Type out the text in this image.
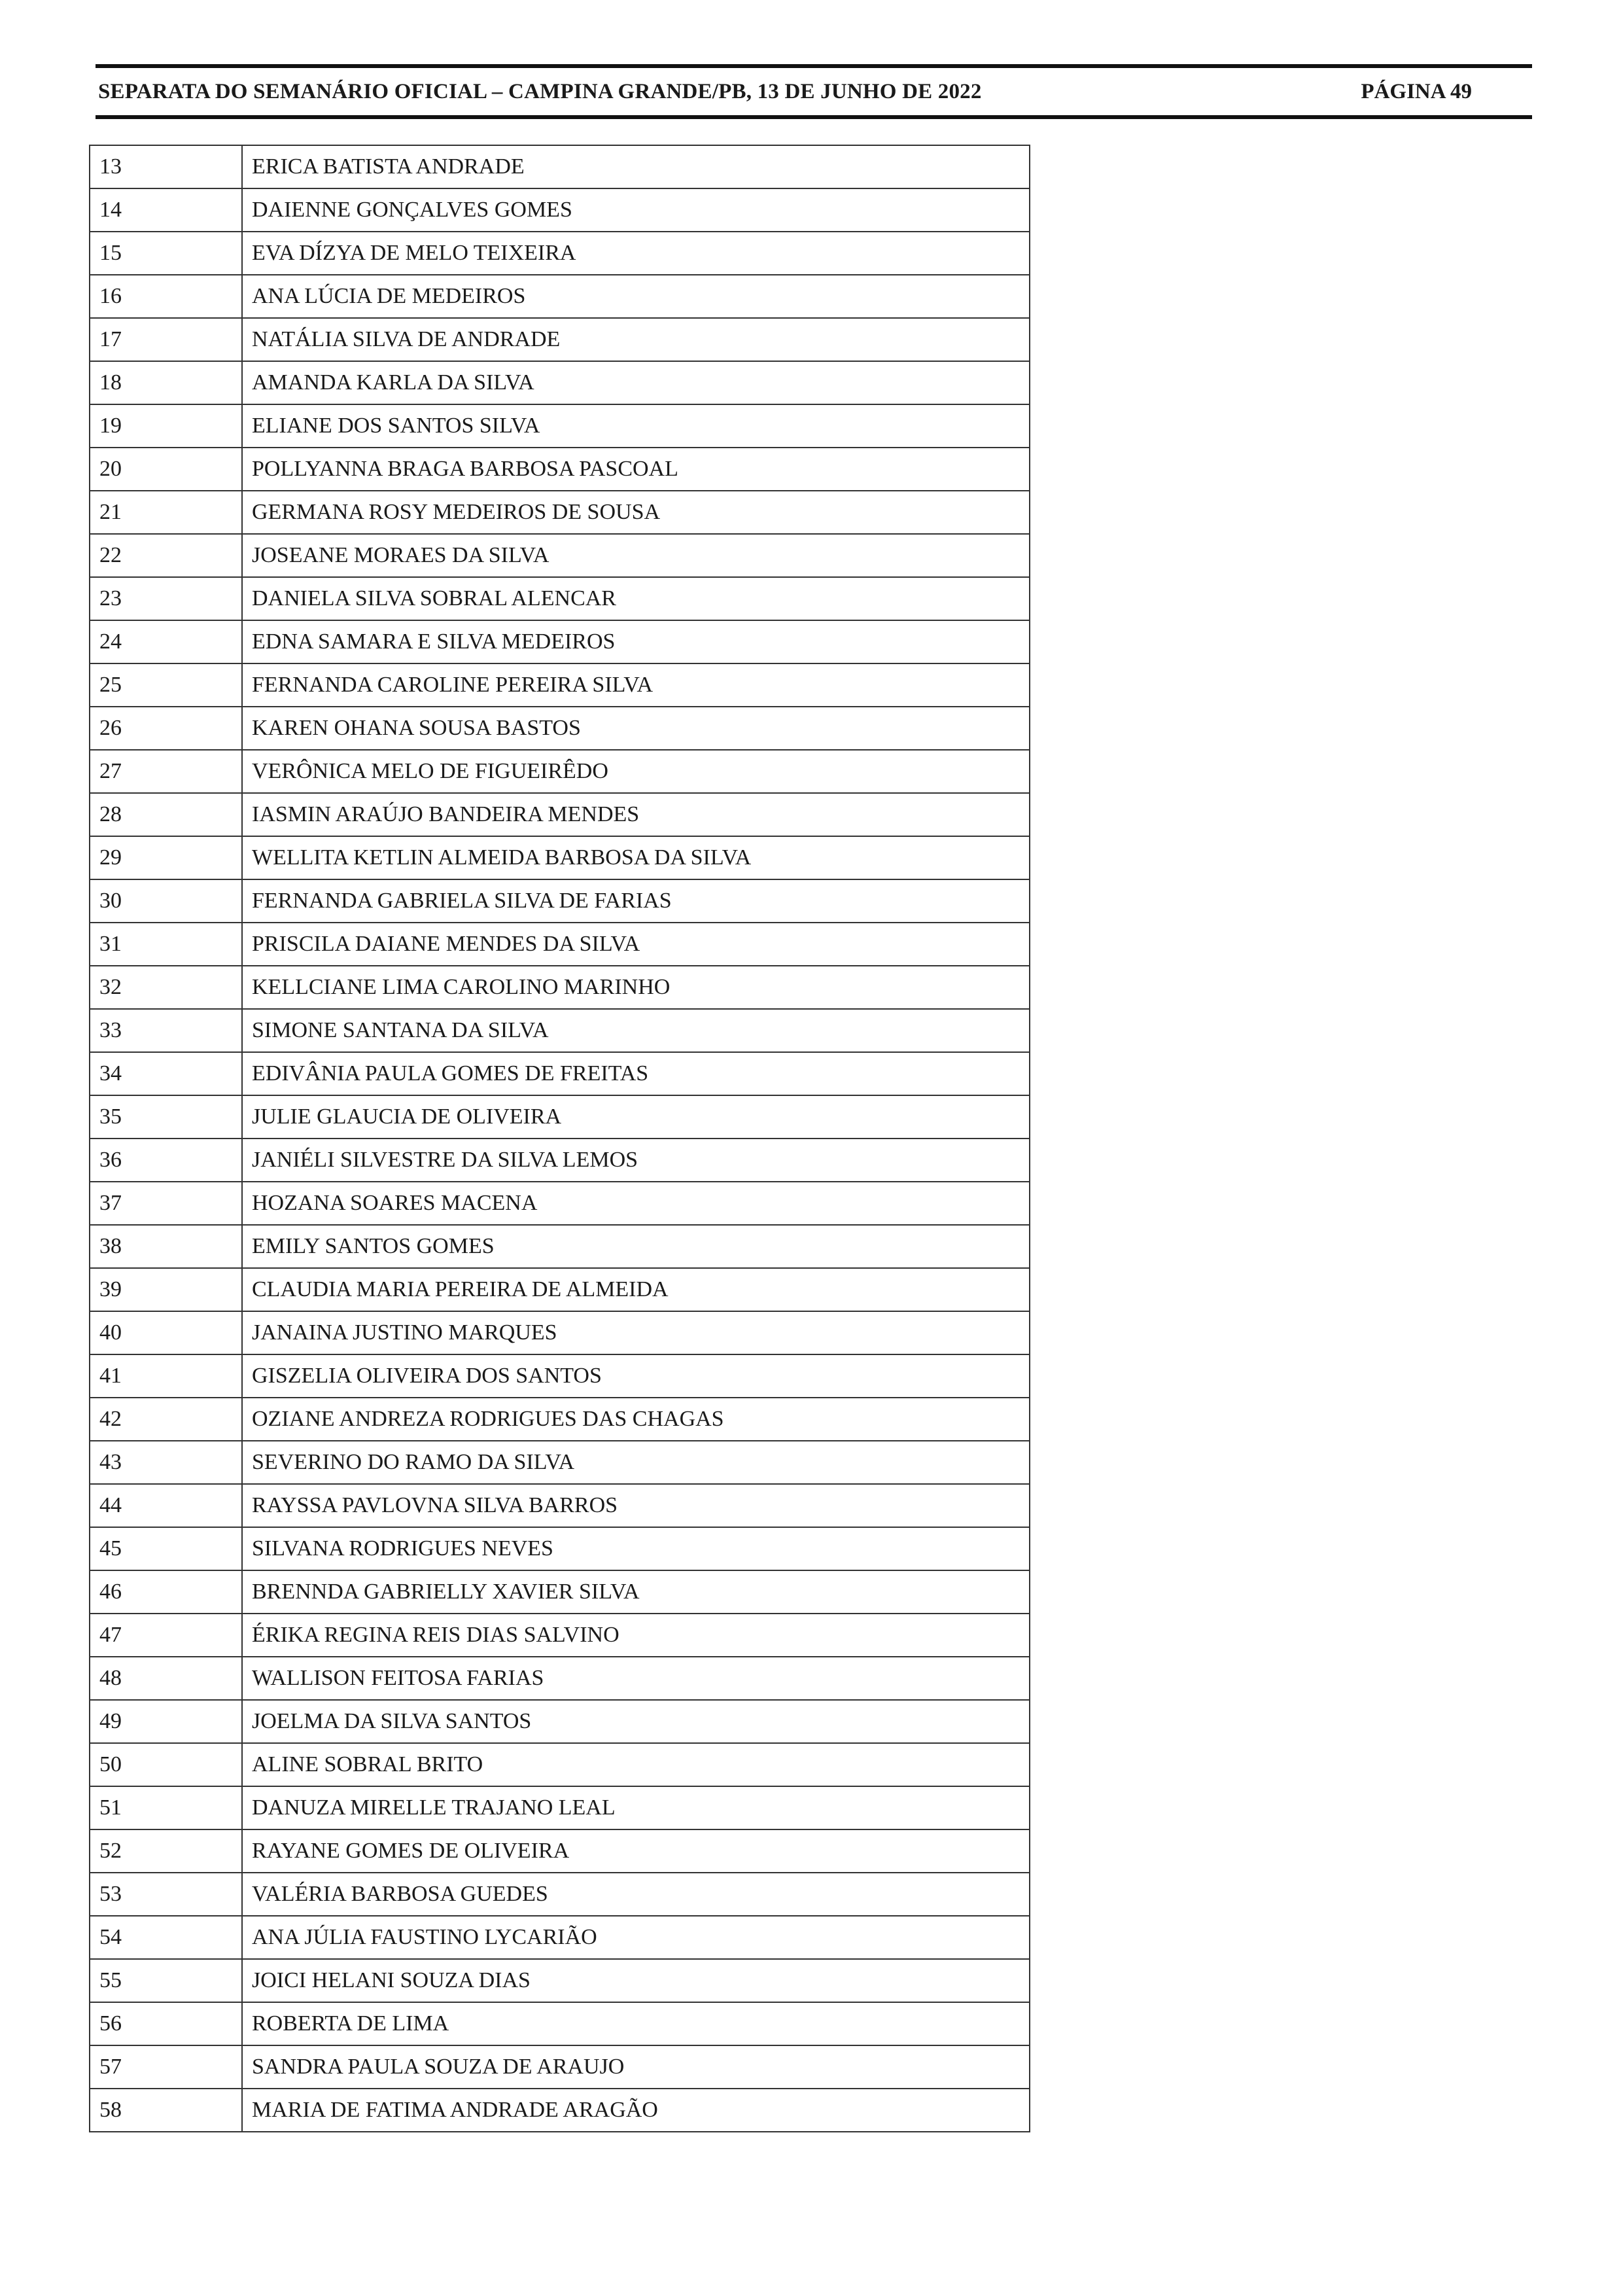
SEPARATA DO SEMANÁRIO OFICIAL – CAMPINA GRANDE/PB, 13 DE JUNHO DE 2022	PÁGINA 49
13	ERICA BATISTA ANDRADE
14	DAIENNE GONÇALVES GOMES
15	EVA DÍZYA DE MELO TEIXEIRA
16	ANA LÚCIA DE MEDEIROS
17	NATÁLIA SILVA DE ANDRADE
18	AMANDA KARLA DA SILVA
19	ELIANE DOS SANTOS SILVA
20	POLLYANNA BRAGA BARBOSA PASCOAL
21	GERMANA ROSY MEDEIROS DE SOUSA
22	JOSEANE MORAES DA SILVA
23	DANIELA SILVA SOBRAL ALENCAR
24	EDNA SAMARA E SILVA MEDEIROS
25	FERNANDA CAROLINE PEREIRA SILVA
26	KAREN OHANA SOUSA BASTOS
27	VERÔNICA MELO DE FIGUEIRÊDO
28	IASMIN ARAÚJO BANDEIRA MENDES
29	WELLITA KETLIN ALMEIDA BARBOSA DA SILVA
30	FERNANDA GABRIELA SILVA DE FARIAS
31	PRISCILA DAIANE MENDES DA SILVA
32	KELLCIANE LIMA CAROLINO MARINHO
33	SIMONE SANTANA DA SILVA
34	EDIVÂNIA PAULA GOMES DE FREITAS
35	JULIE GLAUCIA DE OLIVEIRA
36	JANIÉLI SILVESTRE DA SILVA LEMOS
37	HOZANA SOARES MACENA
38	EMILY SANTOS GOMES
39	CLAUDIA MARIA PEREIRA DE ALMEIDA
40	JANAINA JUSTINO MARQUES
41	GISZELIA OLIVEIRA DOS SANTOS
42	OZIANE ANDREZA RODRIGUES DAS CHAGAS
43	SEVERINO DO RAMO DA SILVA
44	RAYSSA PAVLOVNA SILVA BARROS
45	SILVANA RODRIGUES NEVES
46	BRENNDA GABRIELLY XAVIER SILVA
47	ÉRIKA REGINA REIS DIAS SALVINO
48	WALLISON FEITOSA FARIAS
49	JOELMA DA SILVA SANTOS
50	ALINE SOBRAL BRITO
51	DANUZA MIRELLE TRAJANO LEAL
52	RAYANE GOMES DE OLIVEIRA
53	VALÉRIA BARBOSA GUEDES
54	ANA JÚLIA FAUSTINO LYCARIÃO
55	JOICI HELANI SOUZA DIAS
56	ROBERTA DE LIMA
57	SANDRA PAULA SOUZA DE ARAUJO
58	MARIA DE FATIMA ANDRADE ARAGÃO
